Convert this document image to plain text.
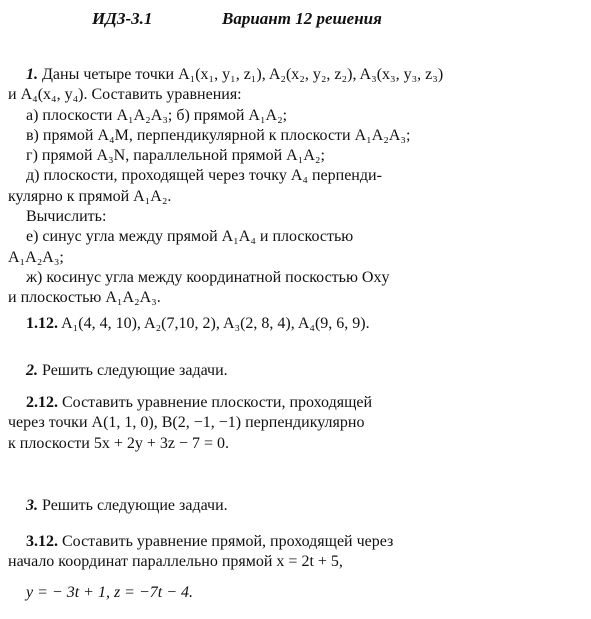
ИДЗ-3.1	Вариант 12 решения
1. Даны четыре точки A₁(x₁, y₁, z₁), A₂(x₂, y₂, z₂), A₃(x₃, y₃, z₃)
и A₄(x₄, y₄). Составить уравнения:
а) плоскости A₁A₂A₃; б) прямой A₁A₂;
в) прямой A₄M, перпендикулярной к плоскости A₁A₂A₃;
г) прямой A₃N, параллельной прямой A₁A₂;
д) плоскости, проходящей через точку A₄ перпенди-
кулярно к прямой A₁A₂.
Вычислить:
е) синус угла между прямой A₁A₄ и плоскостью
A₁A₂A₃;
ж) косинус угла между координатной поскостью Oxy
и плоскостью A₁A₂A₃.
1.12. A₁(4, 4, 10), A₂(7,10, 2), A₃(2, 8, 4), A₄(9, 6, 9).
2. Решить следующие задачи.
2.12. Составить уравнение плоскости, проходящей
через точки A(1, 1, 0), B(2, −1, −1) перпендикулярно
к плоскости 5x + 2y + 3z − 7 = 0.
3. Решить следующие задачи.
3.12. Составить уравнение прямой, проходящей через
начало координат параллельно прямой x = 2t + 5,
y = − 3t + 1, z = −7t − 4.
